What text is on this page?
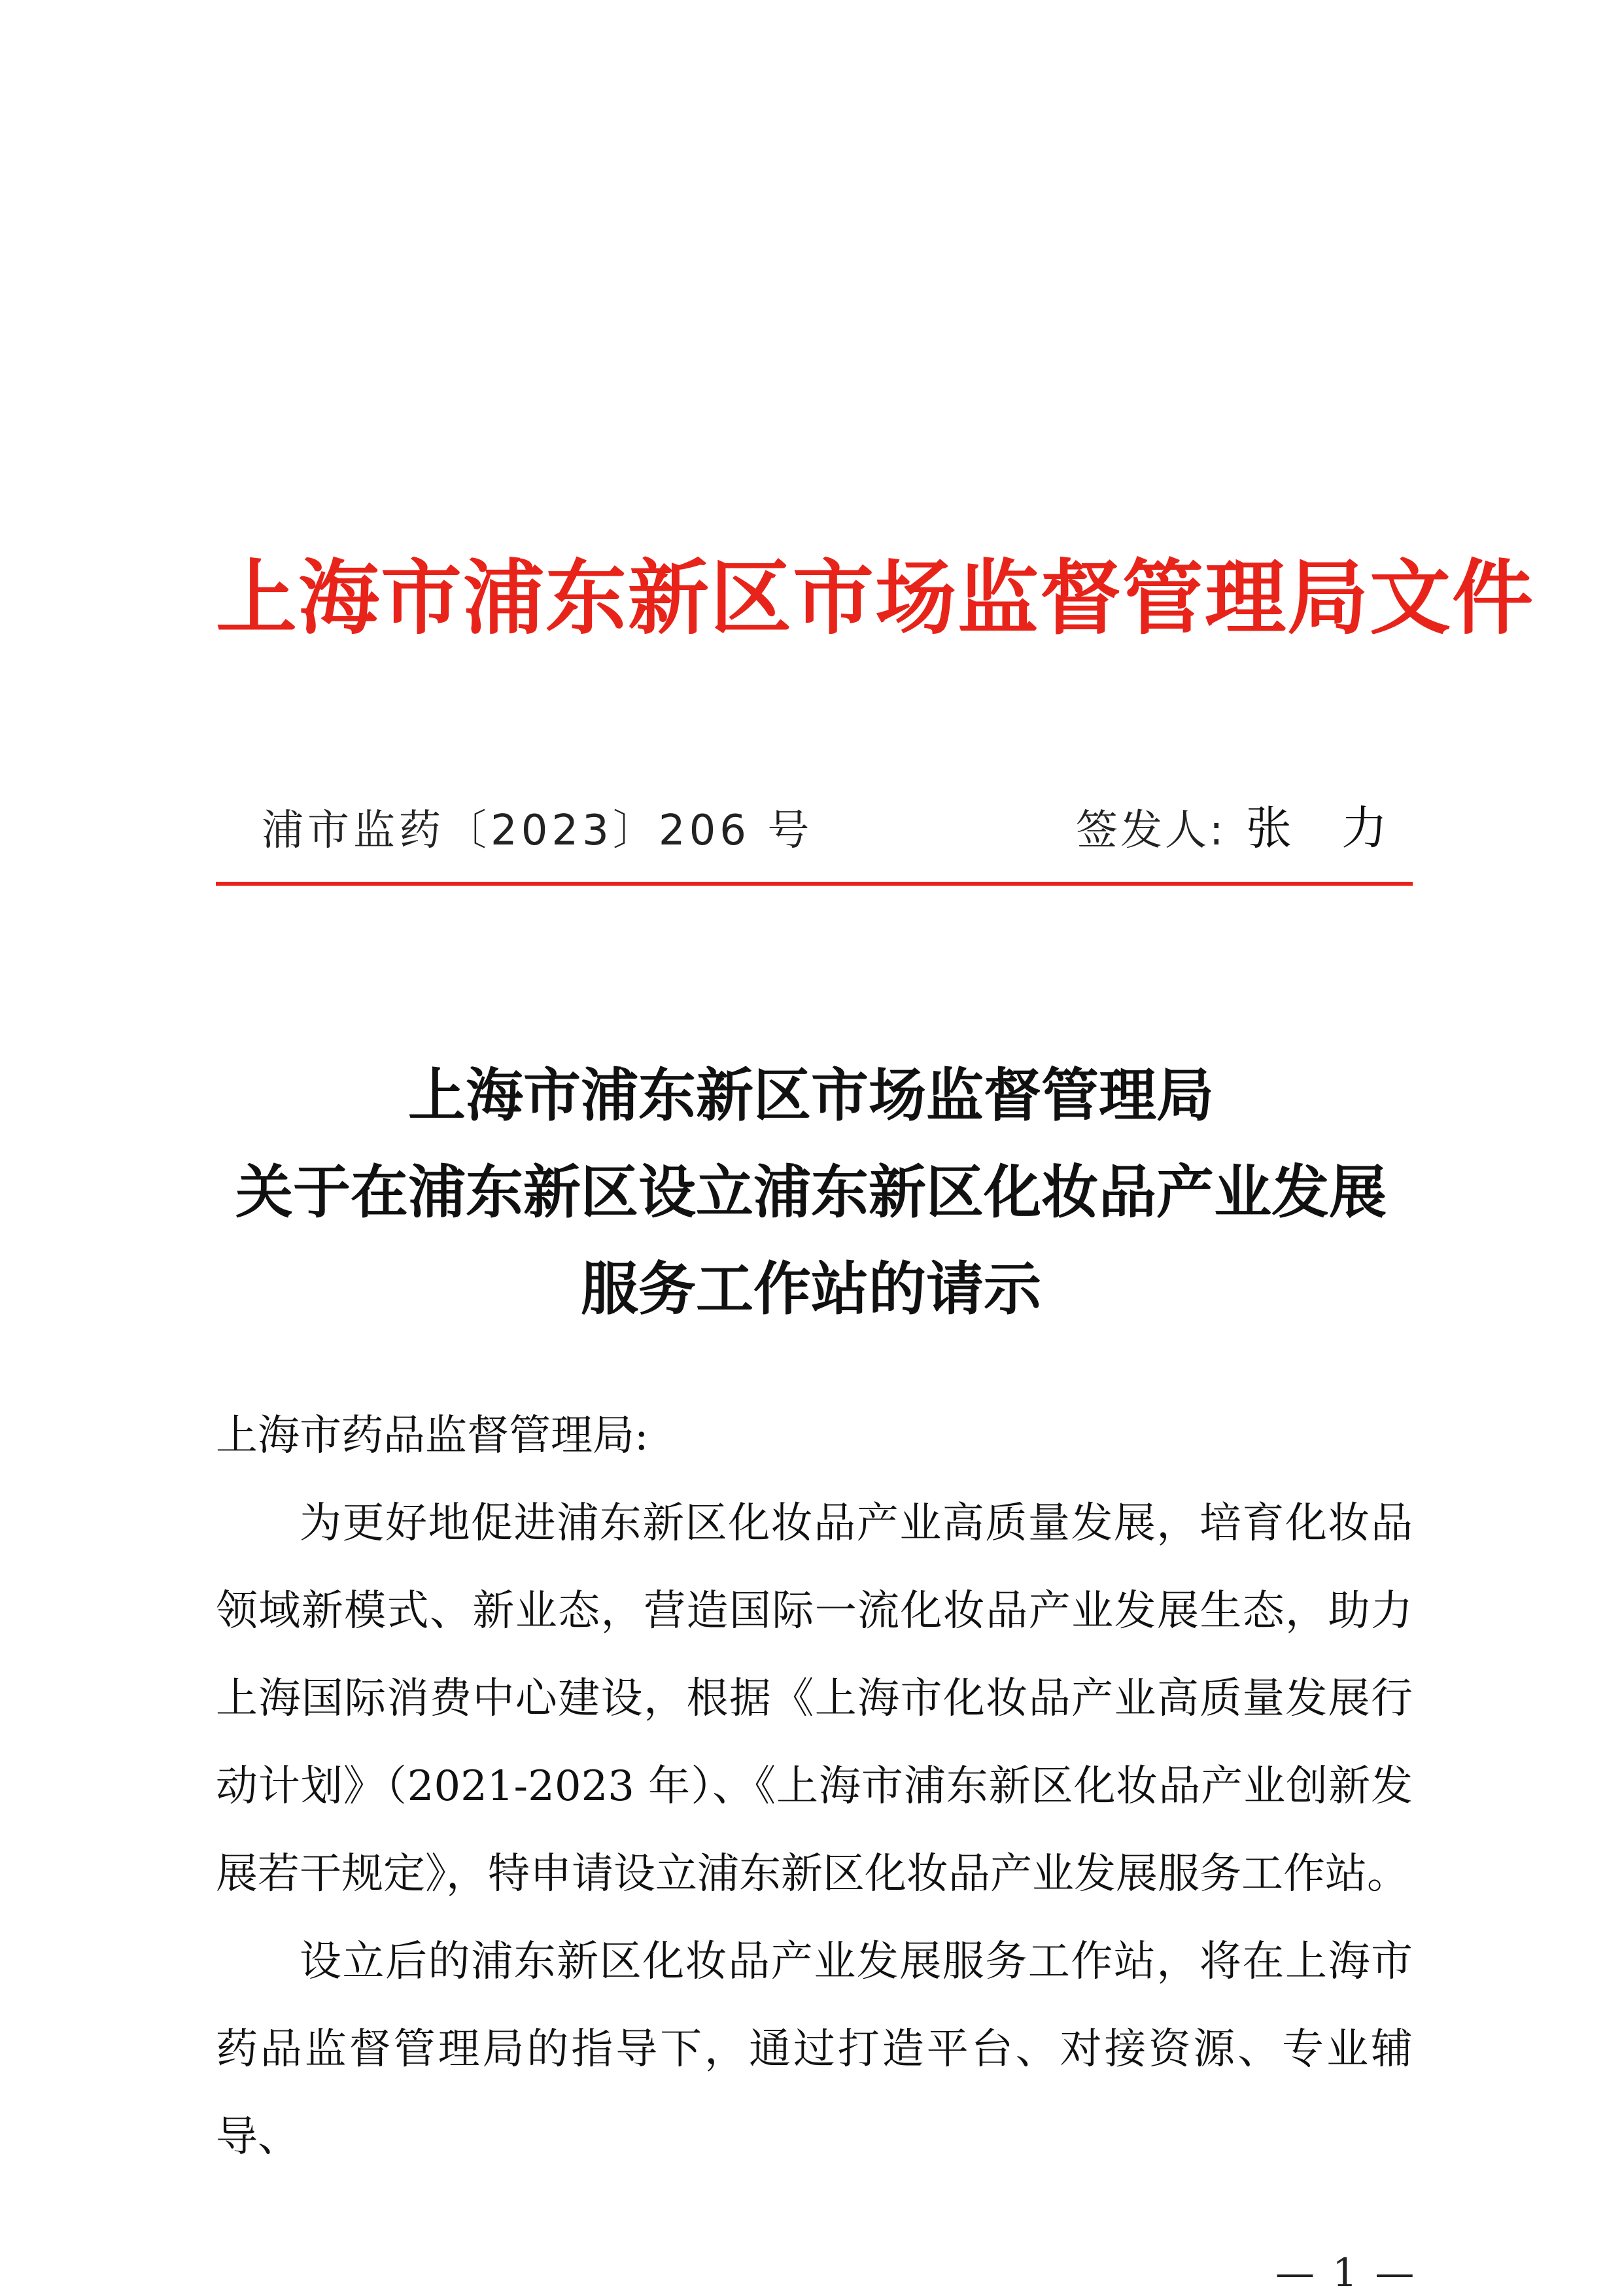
上海市浦东新区市场监督管理局文件
浦市监药〔2023〕206 号	签发人: 张力
上海市浦东新区市场监督管理局
关于在浦东新区设立浦东新区化妆品产业发展
服务工作站的请示

上海市药品监督管理局:

为更好地促进浦东新区化妆品产业高质量发展，培育化妆品领域新模式、新业态，营造国际一流化妆品产业发展生态，助力上海国际消费中心建设，根据《上海市化妆品产业高质量发展行动计划》（2021-2023 年）、《上海市浦东新区化妆品产业创新发展若干规定》，特申请设立浦东新区化妆品产业发展服务工作站。

设立后的浦东新区化妆品产业发展服务工作站，将在上海市药品监督管理局的指导下，通过打造平台、对接资源、专业辅导、

— 1 —
